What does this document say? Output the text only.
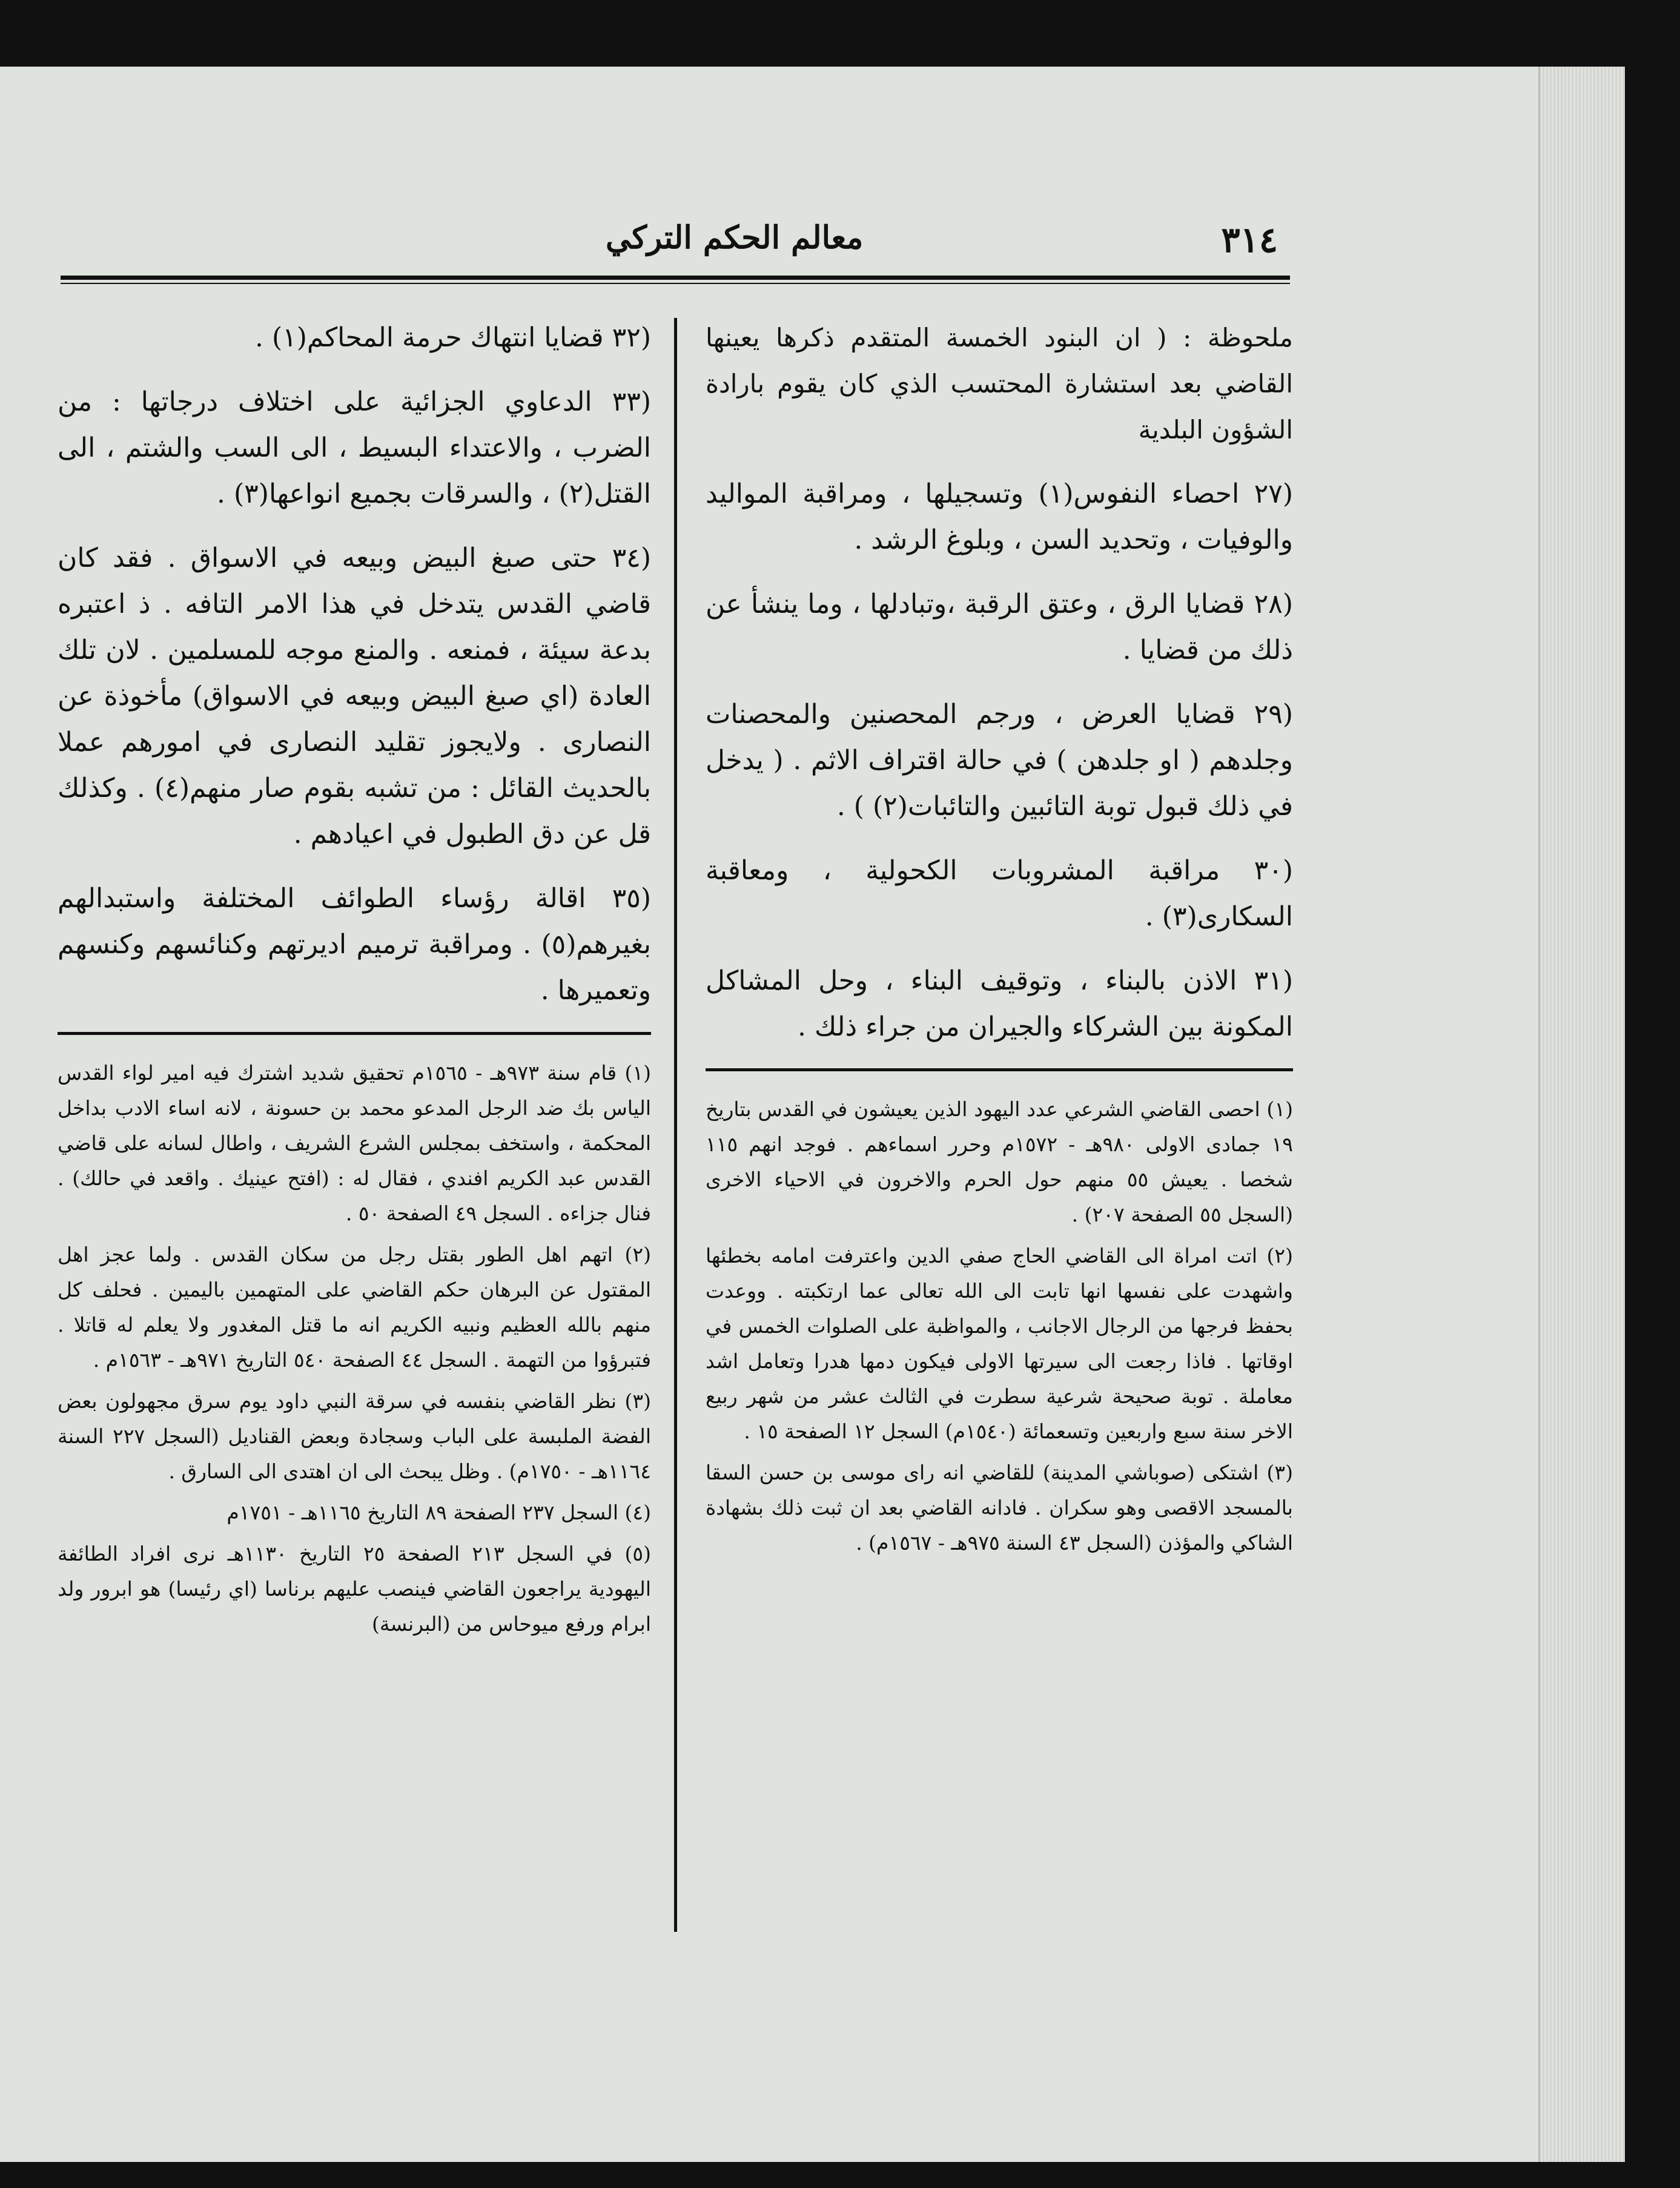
٣١٤
معالم الحكم التركي

ملحوظة : ( ان البنود الخمسة المتقدم ذكرها يعينها القاضي بعد استشارة المحتسب الذي كان يقوم بارادة الشؤون البلدية

(٢٧ احصاء النفوس(١) وتسجيلها ، ومراقبة المواليد والوفيات ، وتحديد السن ، وبلوغ الرشد .

(٢٨ قضايا الرق ، وعتق الرقبة ،وتبادلها ، وما ينشأ عن ذلك من قضايا .

(٢٩ قضايا العرض ، ورجم المحصنين والمحصنات وجلدهم ( او جلدهن ) في حالة اقتراف الاثم . ( يدخل في ذلك قبول توبة التائبين والتائبات(٢) ) .

(٣٠ مراقبة المشروبات الكحولية ، ومعاقبة السكارى(٣) .

(٣١ الاذن بالبناء ، وتوقيف البناء ، وحل المشاكل المكونة بين الشركاء والجيران من جراء ذلك .

(١) احصى القاضي الشرعي عدد اليهود الذين يعيشون في القدس بتاريخ ١٩ جمادى الاولى ٩٨٠هـ - ١٥٧٢م وحرر اسماءهم . فوجد انهم ١١٥ شخصا . يعيش ٥٥ منهم حول الحرم والاخرون في الاحياء الاخرى (السجل ٥٥ الصفحة ٢٠٧) .

(٢) اتت امراة الى القاضي الحاج صفي الدين واعترفت امامه بخطئها واشهدت على نفسها انها تابت الى الله تعالى عما ارتكبته . ووعدت بحفظ فرجها من الرجال الاجانب ، والمواظبة على الصلوات الخمس في اوقاتها . فاذا رجعت الى سيرتها الاولى فيكون دمها هدرا وتعامل اشد معاملة . توبة صحيحة شرعية سطرت في الثالث عشر من شهر ربيع الاخر سنة سبع واربعين وتسعمائة (١٥٤٠م) السجل ١٢ الصفحة ١٥ .

(٣) اشتكى (صوباشي المدينة) للقاضي انه راى موسى بن حسن السقا بالمسجد الاقصى وهو سكران . فادانه القاضي بعد ان ثبت ذلك بشهادة الشاكي والمؤذن (السجل ٤٣ السنة ٩٧٥هـ - ١٥٦٧م) .

(٣٢ قضايا انتهاك حرمة المحاكم(١) .

(٣٣ الدعاوي الجزائية على اختلاف درجاتها : من الضرب ، والاعتداء البسيط ، الى السب والشتم ، الى القتل(٢) ، والسرقات بجميع انواعها(٣) .

(٣٤ حتى صبغ البيض وبيعه في الاسواق . فقد كان قاضي القدس يتدخل في هذا الامر التافه . ذ اعتبره بدعة سيئة ، فمنعه . والمنع موجه للمسلمين . لان تلك العادة (اي صبغ البيض وبيعه في الاسواق) مأخوذة عن النصارى . ولايجوز تقليد النصارى في امورهم عملا بالحديث القائل : من تشبه بقوم صار منهم(٤) . وكذلك قل عن دق الطبول في اعيادهم .

(٣٥ اقالة رؤساء الطوائف المختلفة واستبدالهم بغيرهم(٥) . ومراقبة ترميم اديرتهم وكنائسهم وكنسهم وتعميرها .

(١) قام سنة ٩٧٣هـ - ١٥٦٥م تحقيق شديد اشترك فيه امير لواء القدس الياس بك ضد الرجل المدعو محمد بن حسونة ، لانه اساء الادب بداخل المحكمة ، واستخف بمجلس الشرع الشريف ، واطال لسانه على قاضي القدس عبد الكريم افندي ، فقال له : (افتح عينيك . واقعد في حالك) . فنال جزاءه . السجل ٤٩ الصفحة ٥٠ .

(٢) اتهم اهل الطور بقتل رجل من سكان القدس . ولما عجز اهل المقتول عن البرهان حكم القاضي على المتهمين باليمين . فحلف كل منهم بالله العظيم ونبيه الكريم انه ما قتل المغدور ولا يعلم له قاتلا . فتبرؤوا من التهمة . السجل ٤٤ الصفحة ٥٤٠ التاريخ ٩٧١هـ - ١٥٦٣م .

(٣) نظر القاضي بنفسه في سرقة النبي داود يوم سرق مجهولون بعض الفضة الملبسة على الباب وسجادة وبعض القناديل (السجل ٢٢٧ السنة ١١٦٤هـ - ١٧٥٠م) . وظل يبحث الى ان اهتدى الى السارق .

(٤) السجل ٢٣٧ الصفحة ٨٩ التاريخ ١١٦٥هـ - ١٧٥١م

(٥) في السجل ٢١٣ الصفحة ٢٥ التاريخ ١١٣٠هـ نرى افراد الطائفة اليهودية يراجعون القاضي فينصب عليهم برناسا (اي رئيسا) هو ابرور ولد ابرام ورفع ميوحاس من (البرنسة)
